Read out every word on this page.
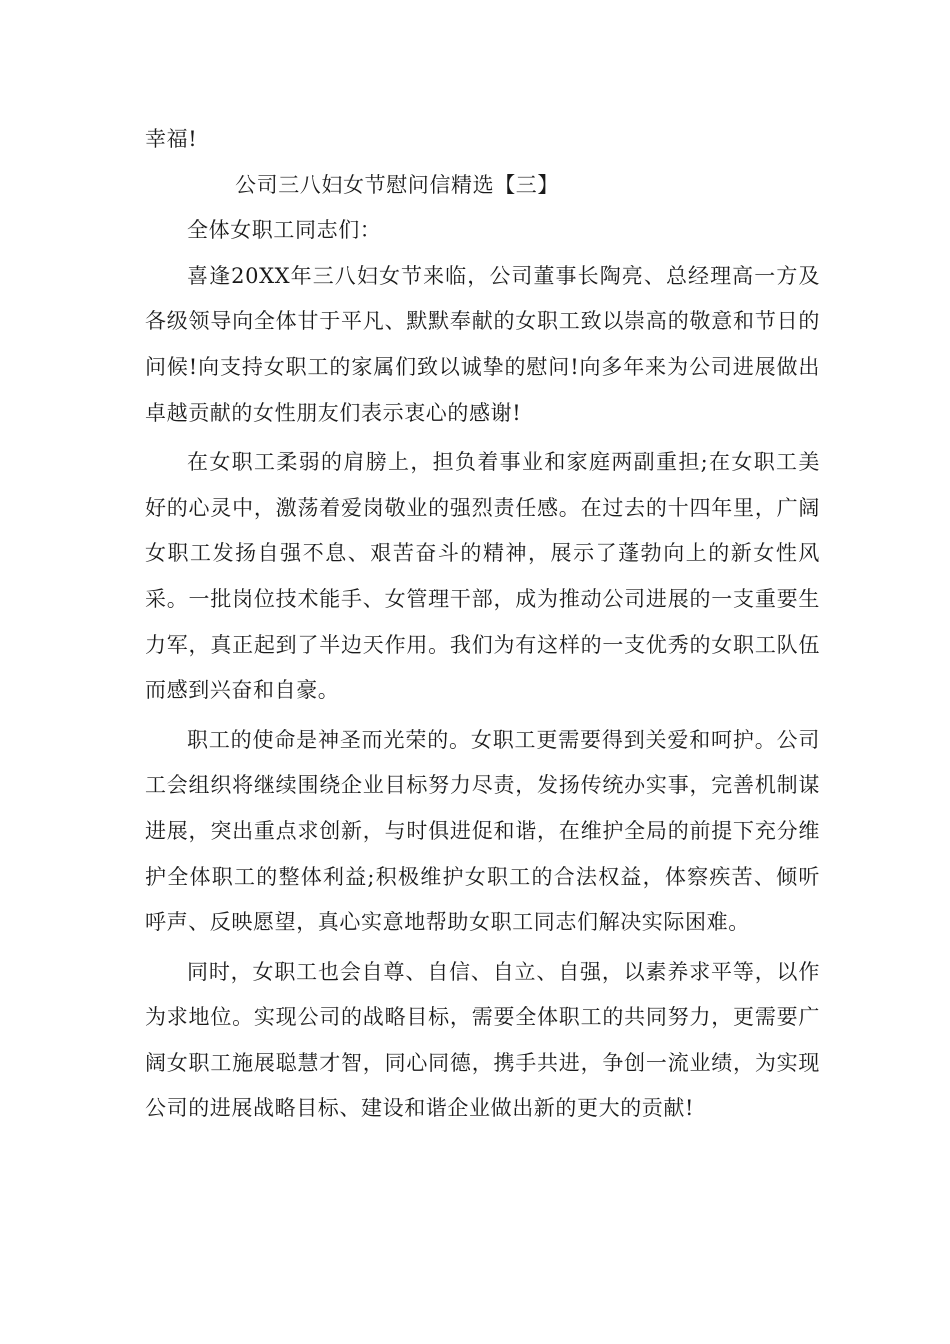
幸福!

公司三八妇女节慰问信精选【三】

全体女职工同志们：

喜逢20XX年三八妇女节来临，公司董事长陶亮、总经理高一方及各级领导向全体甘于平凡、默默奉献的女职工致以崇高的敬意和节日的问候!向支持女职工的家属们致以诚挚的慰问!向多年来为公司进展做出卓越贡献的女性朋友们表示衷心的感谢!

在女职工柔弱的肩膀上，担负着事业和家庭两副重担;在女职工美好的心灵中，激荡着爱岗敬业的强烈责任感。在过去的十四年里，广阔女职工发扬自强不息、艰苦奋斗的精神，展示了蓬勃向上的新女性风采。一批岗位技术能手、女管理干部，成为推动公司进展的一支重要生力军，真正起到了半边天作用。我们为有这样的一支优秀的女职工队伍而感到兴奋和自豪。

职工的使命是神圣而光荣的。女职工更需要得到关爱和呵护。公司工会组织将继续围绕企业目标努力尽责，发扬传统办实事，完善机制谋进展，突出重点求创新，与时俱进促和谐，在维护全局的前提下充分维护全体职工的整体利益;积极维护女职工的合法权益，体察疾苦、倾听呼声、反映愿望，真心实意地帮助女职工同志们解决实际困难。

同时，女职工也会自尊、自信、自立、自强，以素养求平等，以作为求地位。实现公司的战略目标，需要全体职工的共同努力，更需要广阔女职工施展聪慧才智，同心同德，携手共进，争创一流业绩，为实现公司的进展战略目标、建设和谐企业做出新的更大的贡献!
